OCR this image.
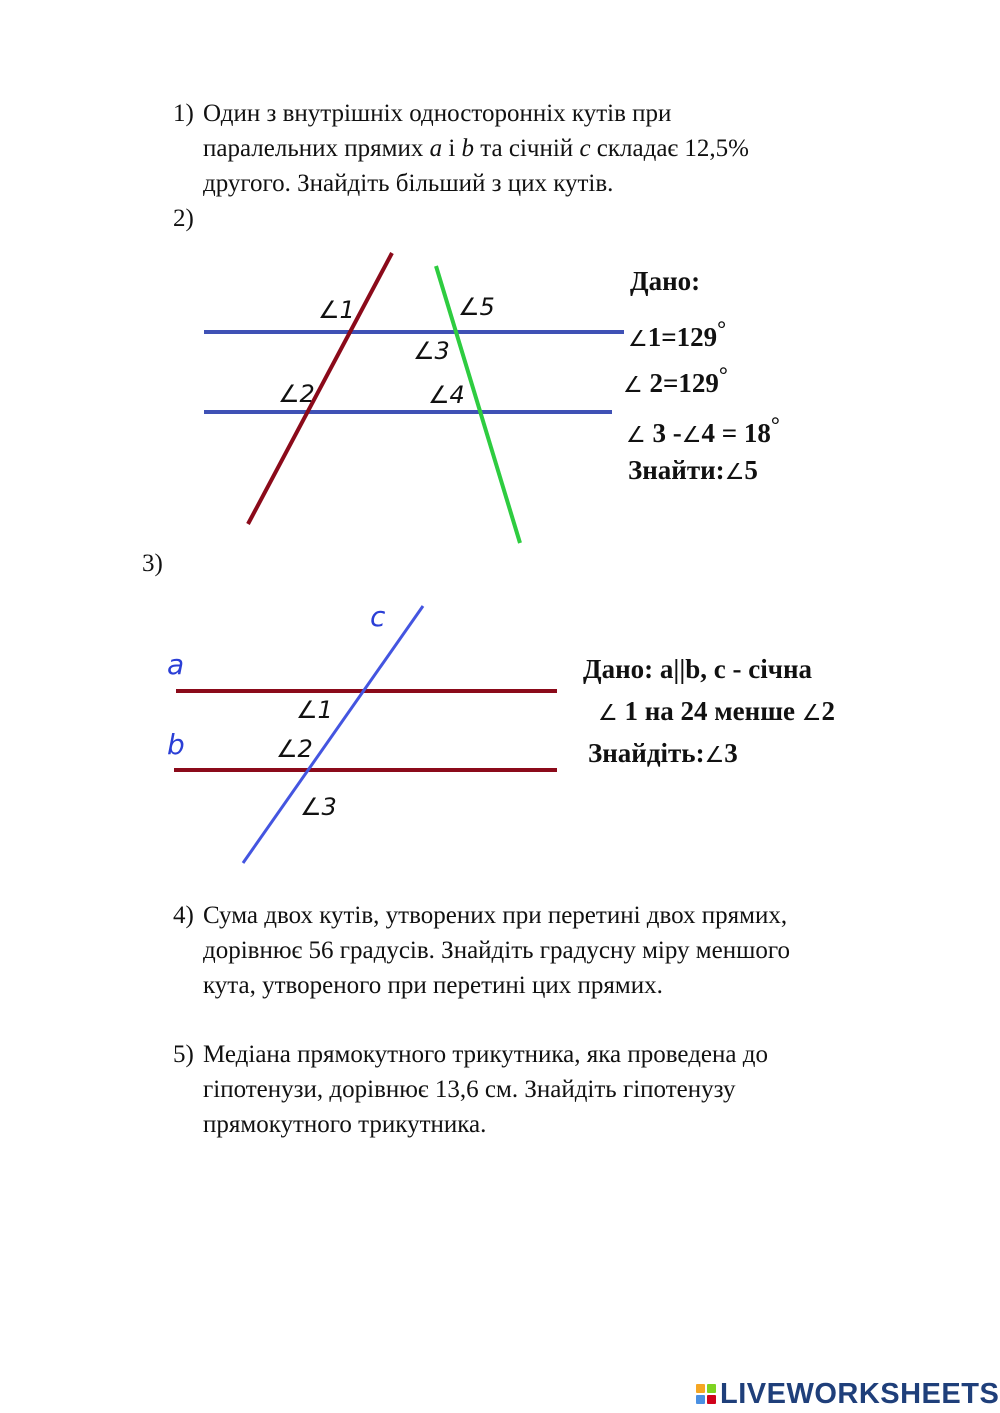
1) Один з внутрішніх односторонніх кутів при
паралельних прямих a і b та січній c складає 12,5%
другого. Знайдіть більший з цих кутів.
2)
∠1	∠5
∠3
∠2	∠4
Дано:
∠1=129°
∠ 2=129°
∠ 3 -∠4 = 18°
Знайти:∠5
3)
a
b
c
∠1
∠2
∠3
Дано: a||b, c - січна
∠ 1 на 24 менше ∠2
Знайдіть:∠3
4) Сума двох кутів, утворених при перетині двох прямих,
дорівнює 56 градусів. Знайдіть градусну міру меншого
кута, утвореного при перетині цих прямих.
5) Медіана прямокутного трикутника, яка проведена до
гіпотенузи, дорівнює 13,6 см. Знайдіть гіпотенузу
прямокутного трикутника.
LIVEWORKSHEETS
